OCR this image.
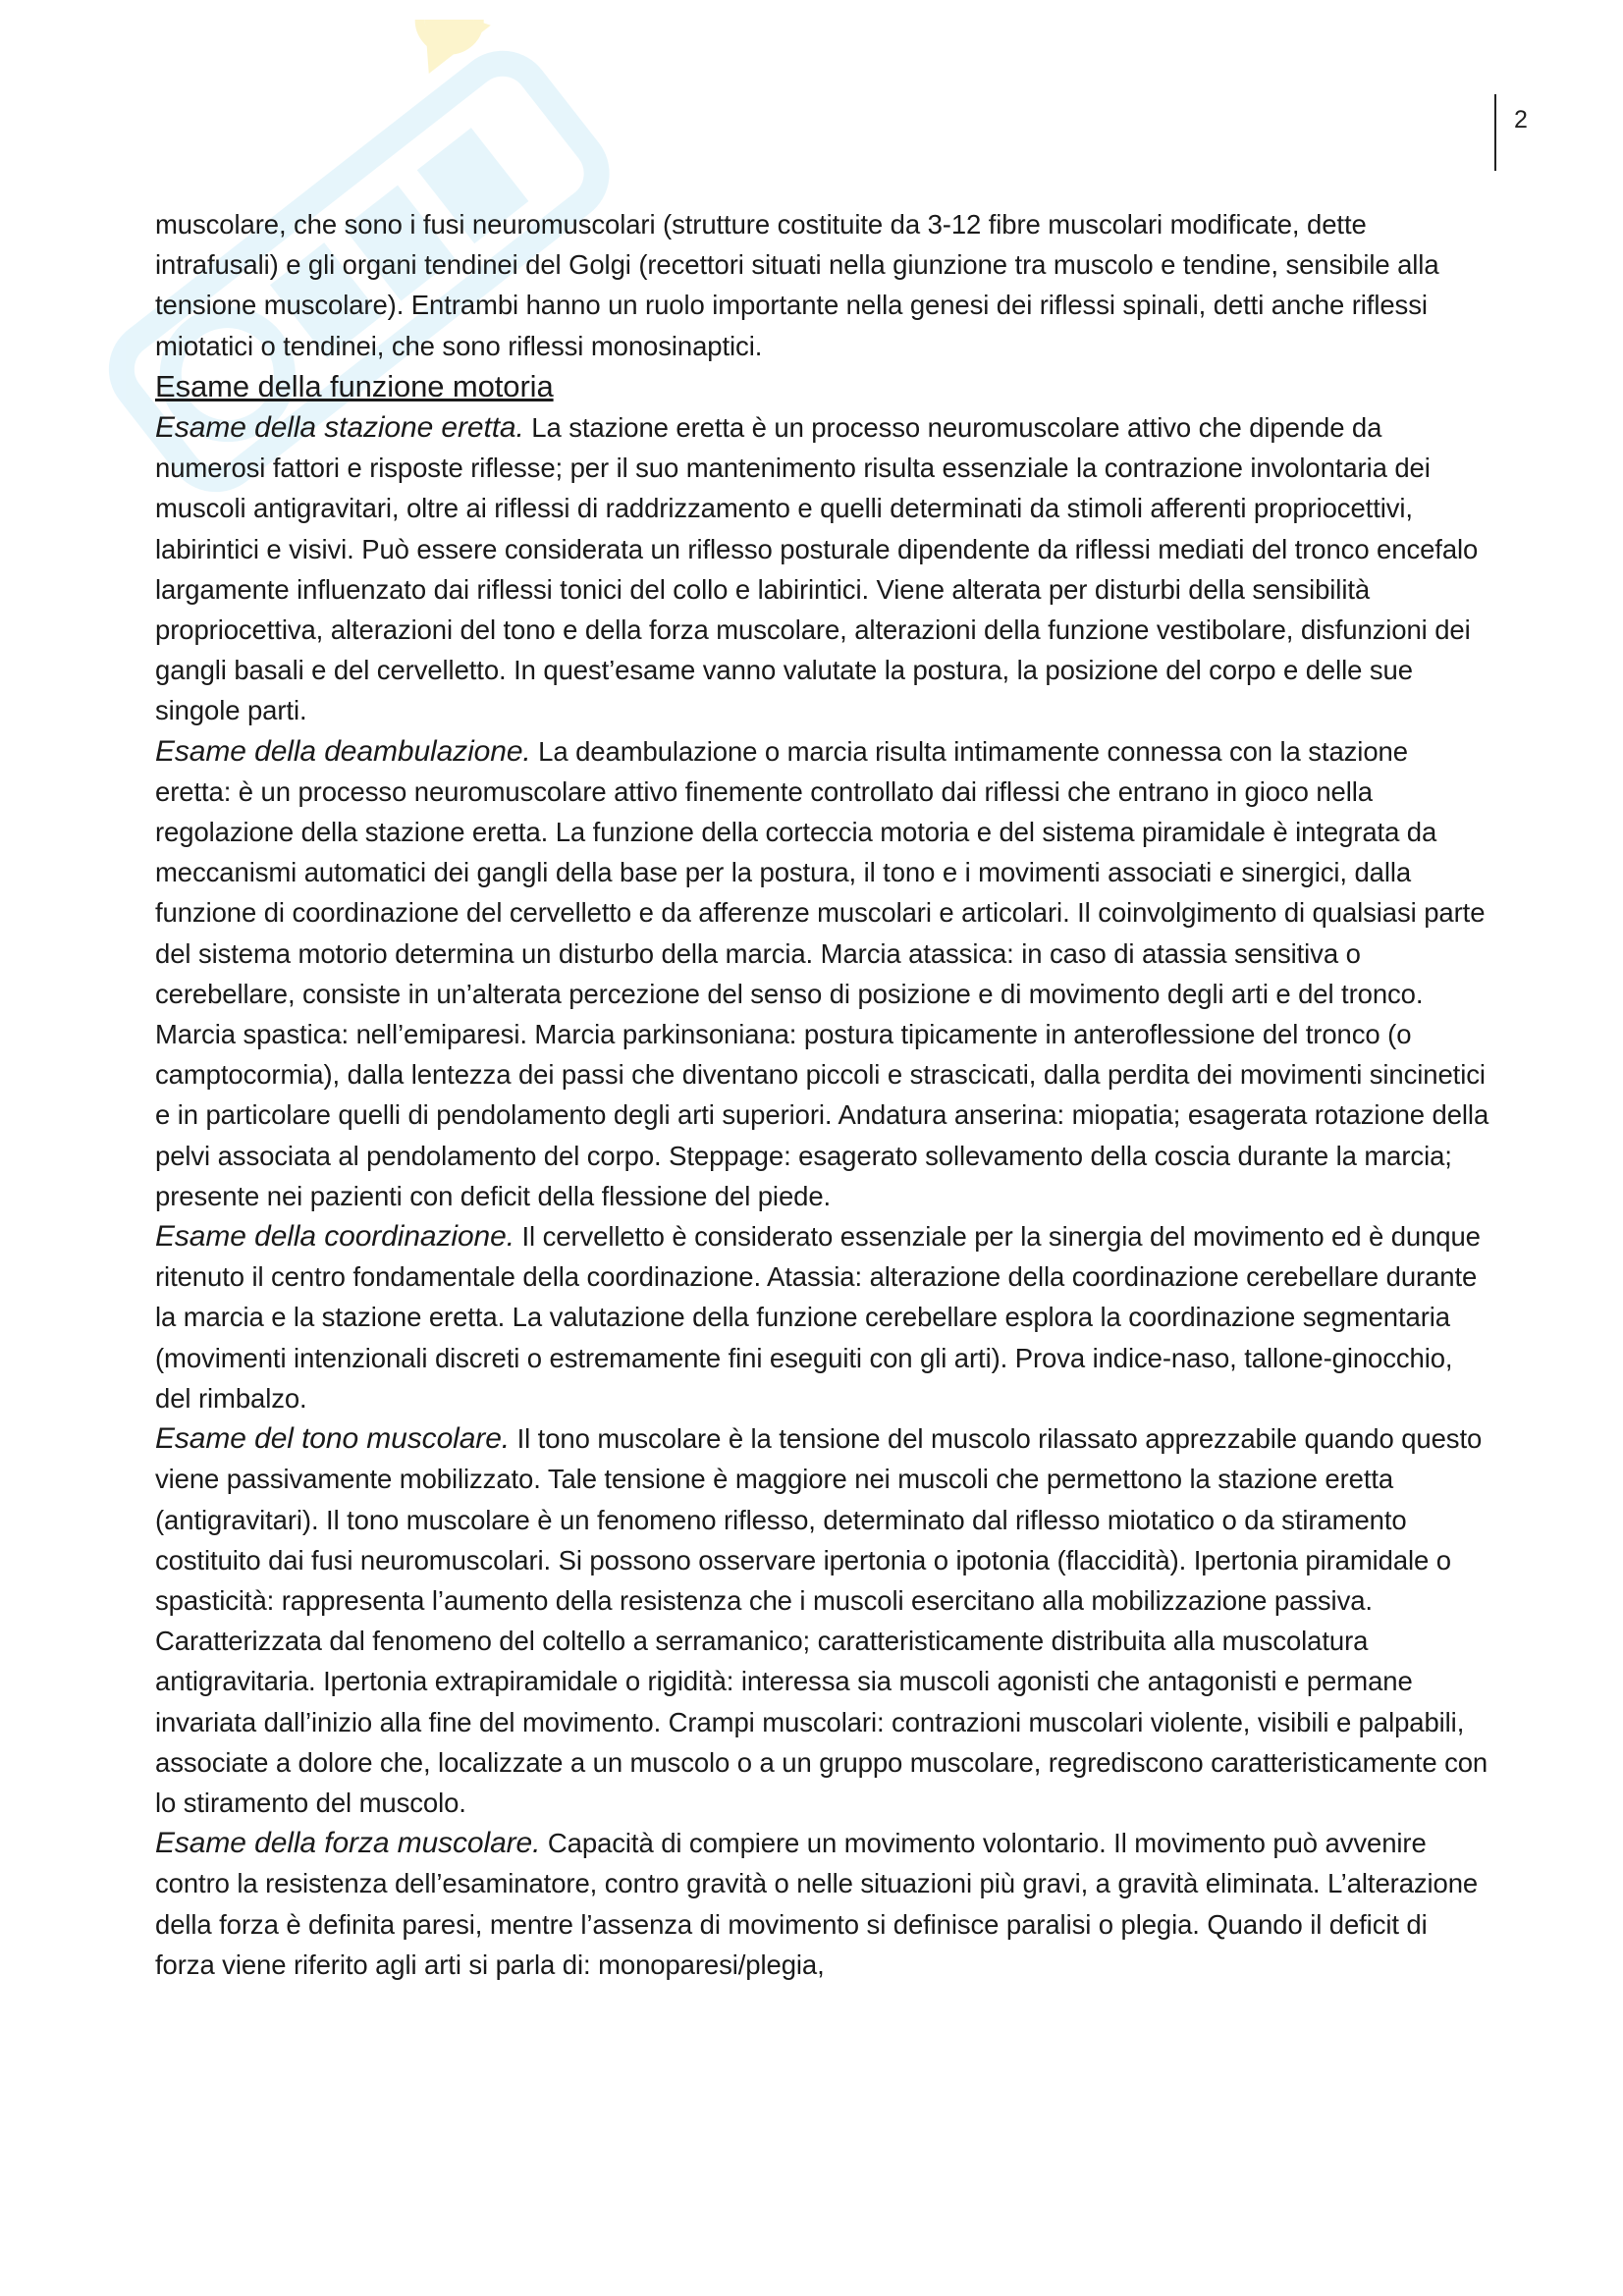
2

muscolare, che sono i fusi neuromuscolari (strutture costituite da 3-12 fibre muscolari modificate, dette intrafusali) e gli organi tendinei del Golgi (recettori situati nella giunzione tra muscolo e tendine, sensibile alla tensione muscolare). Entrambi hanno un ruolo importante nella genesi dei riflessi spinali, detti anche riflessi miotatici o tendinei, che sono riflessi monosinaptici.

Esame della funzione motoria

Esame della stazione eretta. La stazione eretta è un processo neuromuscolare attivo che dipende da numerosi fattori e risposte riflesse; per il suo mantenimento risulta essenziale la contrazione involontaria dei muscoli antigravitari, oltre ai riflessi di raddrizzamento e quelli determinati da stimoli afferenti propriocettivi, labirintici e visivi. Può essere considerata un riflesso posturale dipendente da riflessi mediati del tronco encefalo largamente influenzato dai riflessi tonici del collo e labirintici. Viene alterata per disturbi della sensibilità propriocettiva, alterazioni del tono e della forza muscolare, alterazioni della funzione vestibolare, disfunzioni dei gangli basali e del cervelletto. In quest’esame vanno valutate la postura, la posizione del corpo e delle sue singole parti.

Esame della deambulazione. La deambulazione o marcia risulta intimamente connessa con la stazione eretta: è un processo neuromuscolare attivo finemente controllato dai riflessi che entrano in gioco nella regolazione della stazione eretta. La funzione della cortecciа motoria e del sistema piramidale è integrata da meccanismi automatici dei gangli della base per la postura, il tono e i movimenti associati e sinergici, dalla funzione di coordinazione del cervelletto e da afferenze muscolari e articolari. Il coinvolgimento di qualsiasi parte del sistema motorio determina un disturbo della marcia. Marcia atassica: in caso di atassia sensitiva o cerebellare, consiste in un’alterata percezione del senso di posizione e di movimento degli arti e del tronco. Marcia spastica: nell’emiparesi. Marcia parkinsoniana: postura tipicamente in anteroflessione del tronco (o camptocormia), dalla lentezza dei passi che diventano piccoli e strascicati, dalla perdita dei movimenti sincinetici e in particolare quelli di pendolamento degli arti superiori. Andatura anserina: miopatia; esagerata rotazione della pelvi associata al pendolamento del corpo. Steppage: esagerato sollevamento della coscia durante la marcia; presente nei pazienti con deficit della flessione del piede.

Esame della coordinazione. Il cervelletto è considerato essenziale per la sinergia del movimento ed è dunque ritenuto il centro fondamentale della coordinazione. Atassia: alterazione della coordinazione cerebellare durante la marcia e la stazione eretta. La valutazione della funzione cerebellare esplora la coordinazione segmentaria (movimenti intenzionali discreti o estremamente fini eseguiti con gli arti). Prova indice-naso, tallone-ginocchio, del rimbalzo.

Esame del tono muscolare. Il tono muscolare è la tensione del muscolo rilassato apprezzabile quando questo viene passivamente mobilizzato. Tale tensione è maggiore nei muscoli che permettono la stazione eretta (antigravitari). Il tono muscolare è un fenomeno riflesso, determinato dal riflesso miotatico o da stiramento costituito dai fusi neuromuscolari. Si possono osservare ipertonia o ipotonia (flaccidità). Ipertonia piramidale o spasticità: rappresenta l’aumento della resistenza che i muscoli esercitano alla mobilizzazione passiva. Caratterizzata dal fenomeno del coltello a serramanico; caratteristicamente distribuita alla muscolatura antigravitaria. Ipertonia extrapiramidale o rigidità: interessa sia muscoli agonisti che antagonisti e permane invariata dall’inizio alla fine del movimento. Crampi muscolari: contrazioni muscolari violente, visibili e palpabili, associate a dolore che, localizzate a un muscolo o a un gruppo muscolare, regrediscono caratteristicamente con lo stiramento del muscolo.

Esame della forza muscolare. Capacità di compiere un movimento volontario. Il movimento può avvenire contro la resistenza dell’esaminatore, contro gravità o nelle situazioni più gravi, a gravità eliminata. L’alterazione della forza è definita paresi, mentre l’assenza di movimento si definisce paralisi o plegia. Quando il deficit di forza viene riferito agli arti si parla di: monoparesi/plegia,
